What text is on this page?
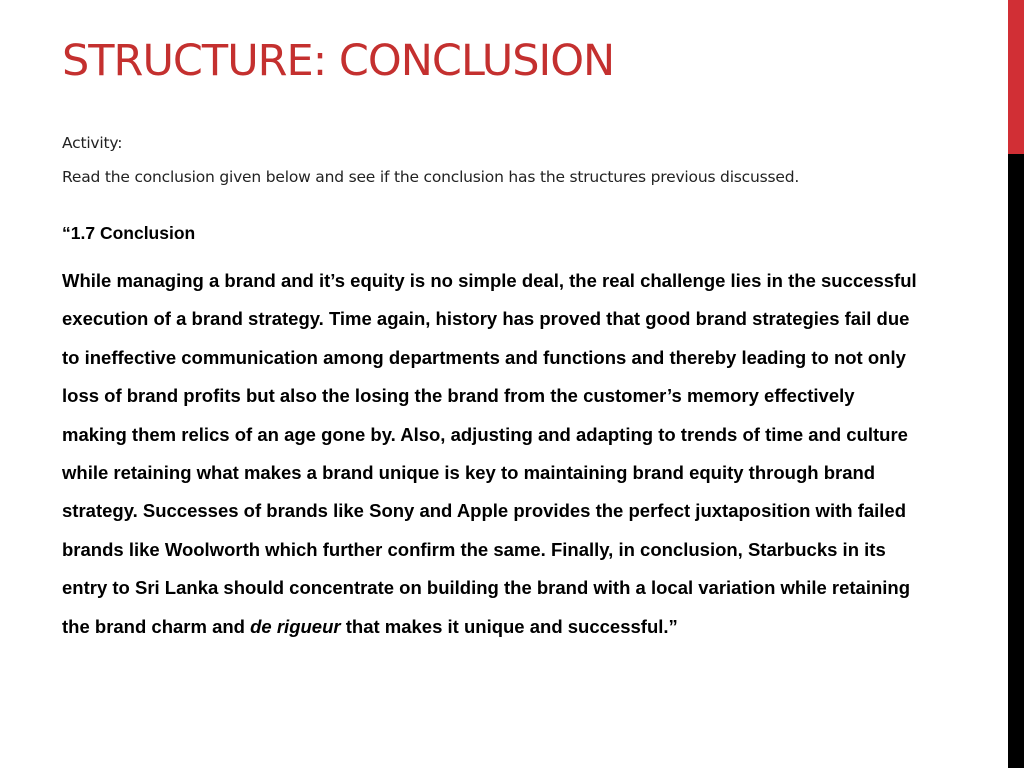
STRUCTURE: CONCLUSION

Activity:

Read the conclusion given below and see if the conclusion has the structures previous discussed.

“1.7 Conclusion

While managing a brand and it’s equity is no simple deal, the real challenge lies in the successful execution of a brand strategy. Time again, history has proved that good brand strategies fail due to ineffective communication among departments and functions and thereby leading to not only loss of brand profits but also the losing the brand from the customer’s memory effectively making them relics of an age gone by. Also, adjusting and adapting to trends of time and culture while retaining what makes a brand unique is key to maintaining brand equity through brand strategy. Successes of brands like Sony and Apple provides the perfect juxtaposition with failed brands like Woolworth which further confirm the same. Finally, in conclusion, Starbucks in its entry to Sri Lanka should concentrate on building the brand with a local variation while retaining the brand charm and de rigueur that makes it unique and successful.”
